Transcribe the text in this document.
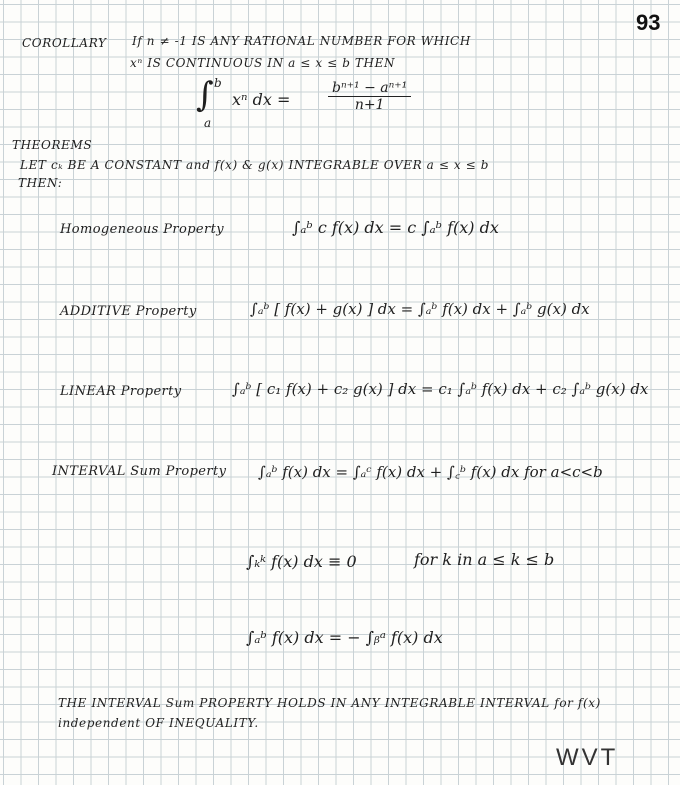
93
COROLLARY If n ≠ -1 IS ANY RATIONAL NUMBER FOR WHICH
xⁿ IS CONTINUOUS IN a ≤ x ≤ b THEN
b
∫
a
xⁿ dx =	$\frac{\text{bⁿ⁺¹ − aⁿ⁺¹}}{n+1}$
THEOREMS
LET cₖ BE A CONSTANT and f(x) & g(x) INTEGRABLE OVER a ≤ x ≤ b
THEN:
Homogeneous Property	∫ₐᵇ c f(x) dx = c ∫ₐᵇ f(x) dx
ADDITIVE Property	∫ₐᵇ [ f(x) + g(x) ] dx = ∫ₐᵇ f(x) dx + ∫ₐᵇ g(x) dx
LINEAR Property	∫ₐᵇ [ c₁ f(x) + c₂ g(x) ] dx = c₁ ∫ₐᵇ f(x) dx + c₂ ∫ₐᵇ g(x) dx
INTERVAL Sum Property ∫ₐᵇ f(x) dx = ∫ₐᶜ f(x) dx + ∫꜀ᵇ f(x) dx for a<c<b
∫ₖᵏ f(x) dx ≡ 0	for k in a ≤ k ≤ b
∫ₐᵇ f(x) dx = − ∫ᵦᵃ f(x) dx
THE INTERVAL Sum PROPERTY HOLDS IN ANY INTEGRABLE INTERVAL for f(x)
independent OF INEQUALITY.
WVT
